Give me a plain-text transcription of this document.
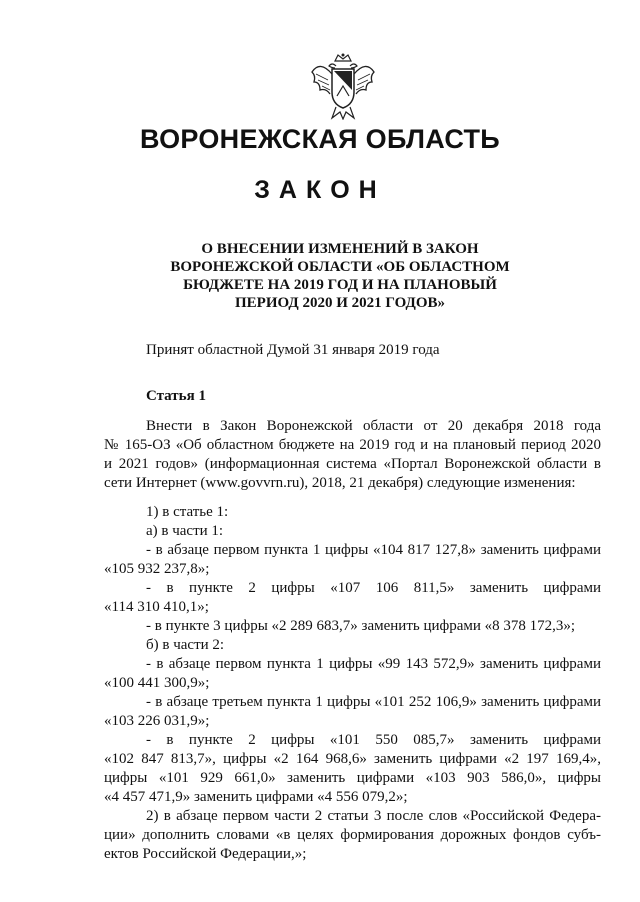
ВОРОНЕЖСКАЯ ОБЛАСТЬ
ЗАКОН
О ВНЕСЕНИИ ИЗМЕНЕНИЙ В ЗАКОН
ВОРОНЕЖСКОЙ ОБЛАСТИ «ОБ ОБЛАСТНОМ
БЮДЖЕТЕ НА 2019 ГОД И НА ПЛАНОВЫЙ
ПЕРИОД 2020 И 2021 ГОДОВ»
Принят областной Думой 31 января 2019 года
Статья 1
Внести в Закон Воронежской области от 20 декабря 2018 года
№ 165-ОЗ «Об областном бюджете на 2019 год и на плановый период 2020
и 2021 годов» (информационная система «Портал Воронежской области в
сети Интернет (www.govvrn.ru), 2018, 21 декабря) следующие изменения:
1) в статье 1:
а) в части 1:
- в абзаце первом пункта 1 цифры «104 817 127,8» заменить цифрами
«105 932 237,8»;
- в пункте 2 цифры «107 106 811,5» заменить цифрами
«114 310 410,1»;
- в пункте 3 цифры «2 289 683,7» заменить цифрами «8 378 172,3»;
б) в части 2:
- в абзаце первом пункта 1 цифры «99 143 572,9» заменить цифрами
«100 441 300,9»;
- в абзаце третьем пункта 1 цифры «101 252 106,9» заменить цифрами
«103 226 031,9»;
- в пункте 2 цифры «101 550 085,7» заменить цифрами
«102 847 813,7», цифры «2 164 968,6» заменить цифрами «2 197 169,4»,
цифры «101 929 661,0» заменить цифрами «103 903 586,0», цифры
«4 457 471,9» заменить цифрами «4 556 079,2»;
2) в абзаце первом части 2 статьи 3 после слов «Российской Федера-
ции» дополнить словами «в целях формирования дорожных фондов субъ-
ектов Российской Федерации,»;
